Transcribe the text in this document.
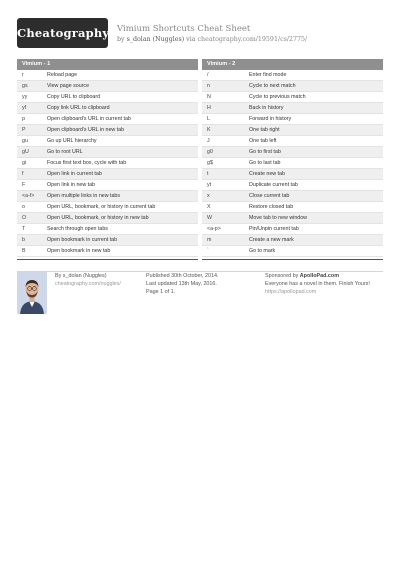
Cheatography Vimium Shortcuts Cheat Sheet
by s_dolan (Nuggles) via cheatography.com/19591/cs/2775/
Vimium - 1
r	Reload page
gs	View page source
yy	Copy URL to clipboard
yf	Copy link URL to clipboard
p	Open clipboard's URL in current tab
P	Open clipboard's URL in new tab
gu	Go up URL hierarchy
gU	Go to root URL
gi	Focus first text box, cycle with tab
f	Open link in current tab
F	Open link in new tab
<a-f> Open multiple links in new tabs
o	Open URL, bookmark, or history in current tab
O	Open URL, bookmark, or history in new tab
T	Search through open tabs
b	Open bookmark in current tab
B	Open bookmark in new tab
Vimium - 2
/	Enter find mode
n	Cycle to next match
N	Cycle to previous match
H	Back in history
L	Forward in history
K	One tab right
J	One tab left
g0	Go to first tab
g$	Go to last tab
t	Create new tab
yt	Duplicate current tab
x	Close current tab
X	Restore closed tab
W	Move tab to new window
<a-p>	Pin/Unpin current tab
m	Create a new mark
`	Go to mark
By s_dolan (Nuggles)
cheatography.com/nuggles/
Published 30th October, 2014.
Last updated 13th May, 2016.
Page 1 of 1.
Sponsored by ApolloPad.com
Everyone has a novel in them. Finish Yours!
https://apollopad.com
